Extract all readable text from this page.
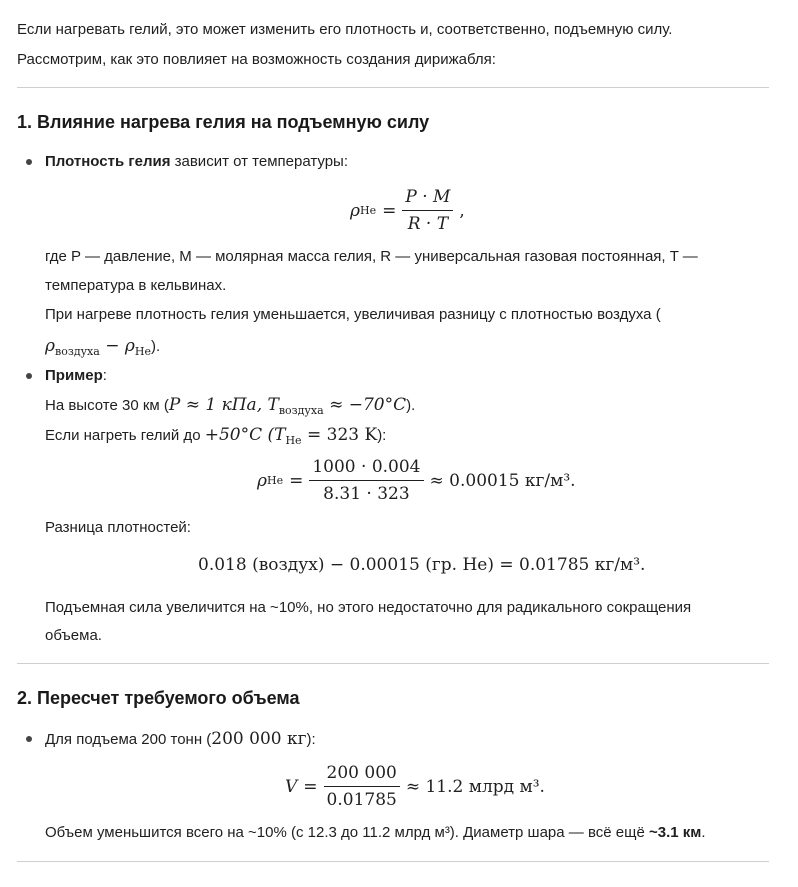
Если нагревать гелий, это может изменить его плотность и, соответственно, подъемную силу.
Рассмотрим, как это повлияет на возможность создания дирижабля:
1. Влияние нагрева гелия на подъемную силу
Плотность гелия зависит от температуры:
ρ $He = \frac{P \cdot M}{R \cdot T}$ ,
где P — давление, M — молярная масса гелия, R — универсальная газовая постоянная, T —
температура в кельвинах.
При нагреве плотность гелия уменьшается, увеличивая разницу с плотностью воздуха (
$\rho_{воздуха} - \rho_{He}$).
Пример:
На высоте 30 км (P ≈ 1 кПа, $T_{воздуха} \approx -70^\circ C$).
Если нагреть гелий до +50°C ($T_{He} = 323$ K):
ρ $He = \frac{1000 \cdot 0.004}{8.31 \cdot 323} \approx 0.00015$ кг/м³.
Разница плотностей:
0.018 (воздух) − 0.00015 (гр. He) = 0.01785 кг/м³.
Подъемная сила увеличится на ~10%, но этого недостаточно для радикального сокращения
объема.
2. Пересчет требуемого объема
Для подъема 200 тонн (200 000 кг):
$V = \frac{200 000}{0.01785} \approx 11.2$ млрд м³.
Объем уменьшится всего на ~10% (с 12.3 до 11.2 млрд м³). Диаметр шара — всё ещё ~3.1 км.
